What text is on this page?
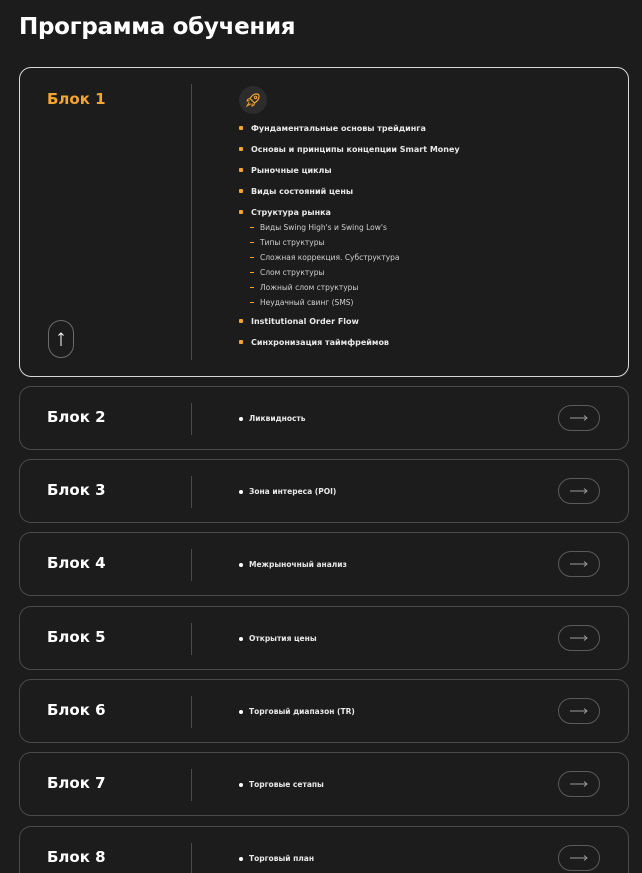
Программа обучения
Блок 1
Фундаментальные основы трейдинга
Основы и принципы концепции Smart Money
Рыночные циклы
Виды состояний цены
Структура рынка
Виды Swing High's и Swing Low's
Типы структуры
Сложная коррекция. Субструктура
Слом структуры
Ложный слом структуры
Неудачный свинг (SMS)
Institutional Order Flow
Синхронизация таймфреймов
Блок 2	Ликвидность
Блок 3	Зона интереса (POI)
Блок 4	Межрыночный анализ
Блок 5	Открытия цены
Блок 6	Торговый диапазон (TR)
Блок 7	Торговые сетапы
Блок 8	Торговый план
